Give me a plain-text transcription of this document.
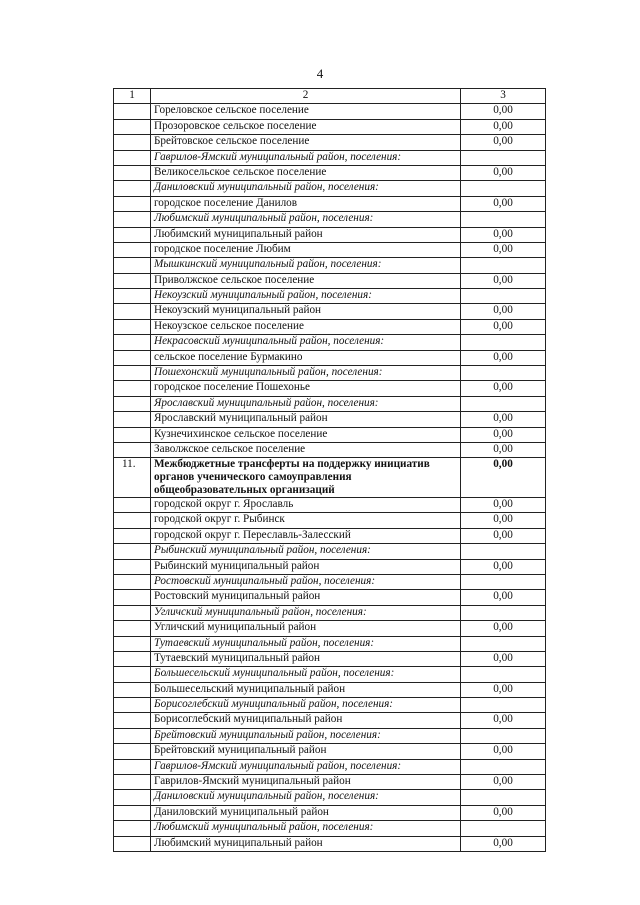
4
1	2	3
	Гореловское сельское поселение	0,00
	Прозоровское сельское поселение	0,00
	Брейтовское сельское поселение	0,00
	Гаврилов-Ямский муниципальный район, поселения:	
	Великосельское сельское поселение	0,00
	Даниловский муниципальный район, поселения:	
	городское поселение Данилов	0,00
	Любимский муниципальный район, поселения:	
	Любимский муниципальный район	0,00
	городское поселение Любим	0,00
	Мышкинский муниципальный район, поселения:	
	Приволжское сельское поселение	0,00
	Некоузский муниципальный район, поселения:	
	Некоузский муниципальный район	0,00
	Некоузское сельское поселение	0,00
	Некрасовский муниципальный район, поселения:	
	сельское поселение Бурмакино	0,00
	Пошехонский муниципальный район, поселения:	
	городское поселение Пошехонье	0,00
	Ярославский муниципальный район, поселения:	
	Ярославский муниципальный район	0,00
	Кузнечихинское сельское поселение	0,00
	Заволжское сельское поселение	0,00
11.	Межбюджетные трансферты на поддержку инициатив органов ученического самоуправления общеобразовательных организаций	0,00
	городской округ г. Ярославль	0,00
	городской округ г. Рыбинск	0,00
	городской округ г. Переславль-Залесский	0,00
	Рыбинский муниципальный район, поселения:	
	Рыбинский муниципальный район	0,00
	Ростовский муниципальный район, поселения:	
	Ростовский муниципальный район	0,00
	Угличский муниципальный район, поселения:	
	Угличский муниципальный район	0,00
	Тутаевский муниципальный район, поселения:	
	Тутаевский муниципальный район	0,00
	Большесельский муниципальный район, поселения:	
	Большесельский муниципальный район	0,00
	Борисоглебский муниципальный район, поселения:	
	Борисоглебский муниципальный район	0,00
	Брейтовский муниципальный район, поселения:	
	Брейтовский муниципальный район	0,00
	Гаврилов-Ямский муниципальный район, поселения:	
	Гаврилов-Ямский муниципальный район	0,00
	Даниловский муниципальный район, поселения:	
	Даниловский муниципальный район	0,00
	Любимский муниципальный район, поселения:	
	Любимский муниципальный район	0,00
